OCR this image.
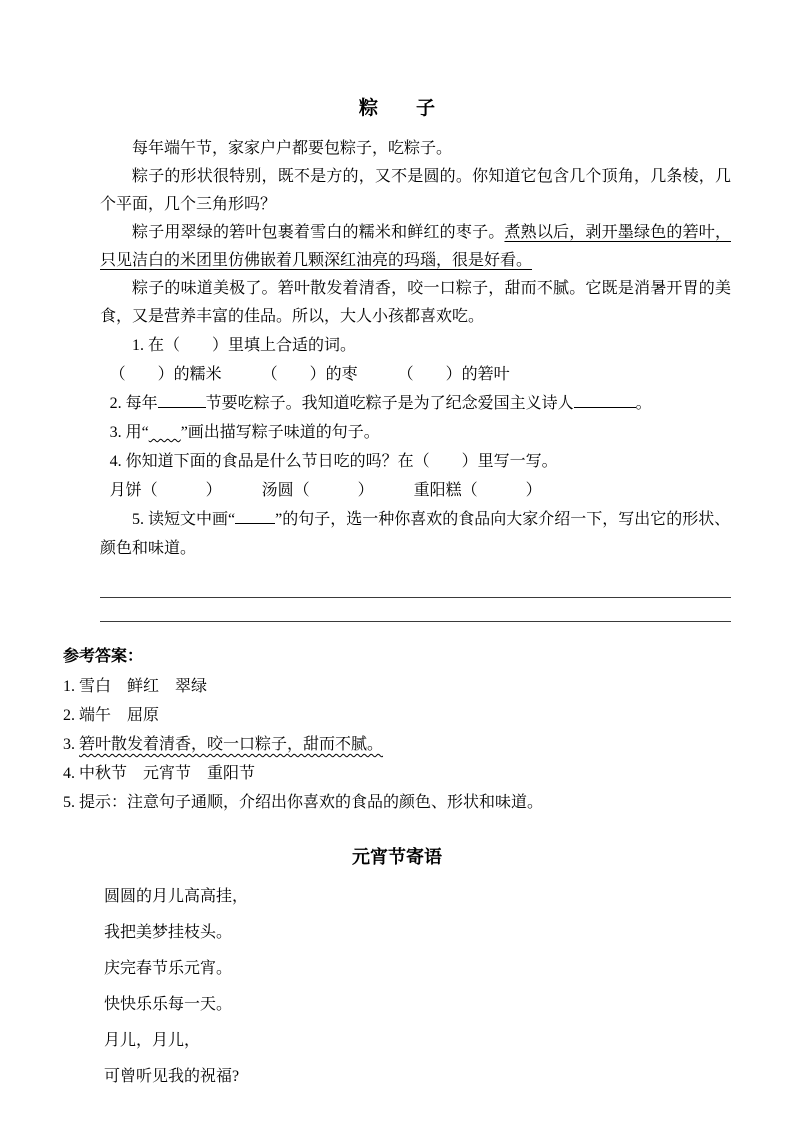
粽　　子

每年端午节，家家户户都要包粽子，吃粽子。

粽子的形状很特别，既不是方的，又不是圆的。你知道它包含几个顶角，几条棱，几个平面，几个三角形吗？

粽子用翠绿的箬叶包裹着雪白的糯米和鲜红的枣子。煮熟以后，剥开墨绿色的箬叶，只见洁白的米团里仿佛嵌着几颗深红油亮的玛瑙，很是好看。

粽子的味道美极了。箬叶散发着清香，咬一口粽子，甜而不腻。它既是消暑开胃的美食，又是营养丰富的佳品。所以，大人小孩都喜欢吃。

1. 在（　　）里填上合适的词。

（　　）的糯米　　　（　　）的枣　　　（　　）的箬叶

2. 每年	节要吃粽子。我知道吃粽子是为了纪念爱国主义诗人	。

3. 用“ ”画出描写粽子味道的句子。

4. 你知道下面的食品是什么节日吃的吗？在（　　）里写一写。

月饼（　　　）　　　汤圆（　　　）　　　重阳糕（　　　）

5. 读短文中画“	”的句子，选一种你喜欢的食品向大家介绍一下，写出它的形状、颜色和味道。

参考答案：

1. 雪白　鲜红　翠绿

2. 端午　屈原

3. 箬叶散发着清香，咬一口粽子，甜而不腻。

4. 中秋节　元宵节　重阳节

5. 提示：注意句子通顺，介绍出你喜欢的食品的颜色、形状和味道。

元宵节寄语

圆圆的月儿高高挂，

我把美梦挂枝头。

庆完春节乐元宵。

快快乐乐每一天。

月儿，月儿，

可曾听见我的祝福?
